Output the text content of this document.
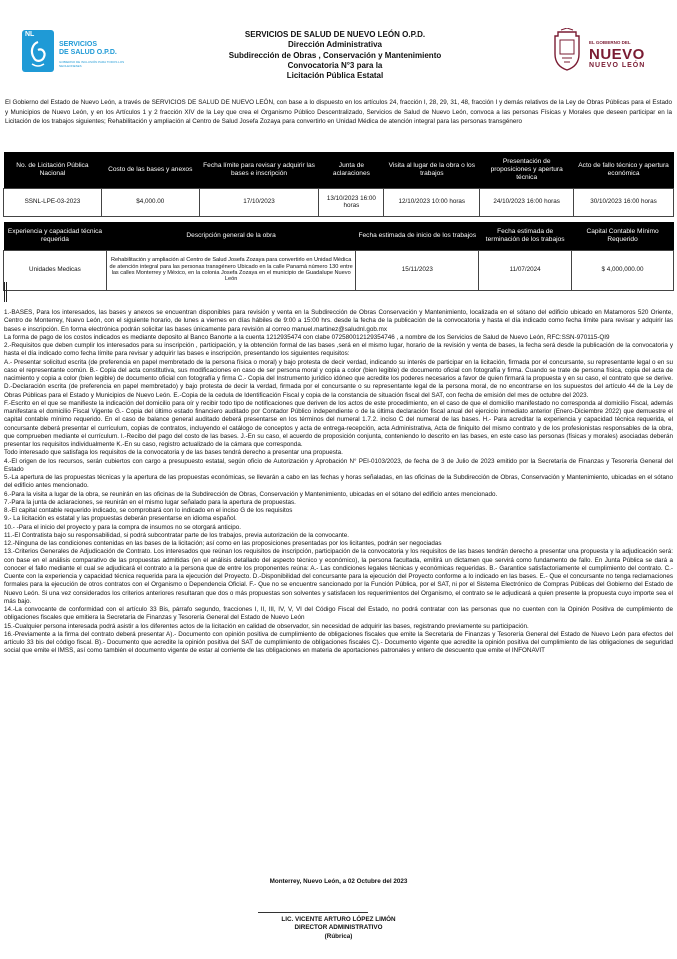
NL
SERVICIOS
DE SALUD O.P.D.
GOBIERNO DE INCLUSIÓN PARA TODOS LOS NEOLEONESES
SERVICIOS DE SALUD DE NUEVO LEÓN O.P.D.
Dirección Administrativa
Subdirección de Obras , Conservación y Mantenimiento
Convocatoria N°3 para la
Licitación Pública Estatal
EL GOBIERNO DEL
NUEVO
NUEVO LEÓN
El Gobierno del Estado de Nuevo León, a través de SERVICIOS DE SALUD DE NUEVO LEÓN, con base a lo dispuesto en los artículos 24, fracción I, 28, 29, 31, 48, fracción I y demás relativos de la Ley de Obras Públicas para el Estado y Municipios de Nuevo León, y en los Artículos 1 y 2 fracción XIV de la Ley que crea el Organismo Público Descentralizado, Servicios de Salud de Nuevo León, convoca a las personas Físicas y Morales que deseen participar en la Licitación de los trabajos siguientes; Rehabilitación y ampliación al Centro de Salud Josefa Zozaya para convertirlo en Unidad Médica de atención integral para las personas transgénero
No. de Licitación Pública Nacional	Costo de las bases y anexos	Fecha límite para revisar y adquirir las bases e inscripción	Junta de aclaraciones	Visita al lugar de la obra o los trabajos	Presentación de proposiciones y apertura técnica	Acto de fallo técnico y apertura económica
SSNL-LPE-03-2023	$4,000.00	17/10/2023	13/10/2023 16:00 horas	12/10/2023 10:00 horas	24/10/2023 16:00 horas	30/10/2023 16:00 horas
Experiencia y capacidad técnica requerida	Descripción general de la obra	Fecha estimada de inicio de los trabajos	Fecha estimada de terminación de los trabajos	Capital Contable Mínimo Requerido
Unidades Medicas	Rehabilitación y ampliación al Centro de Salud Josefa Zozaya para convertirlo en Unidad Médica de atención integral para las personas transgénero Ubicado en la calle Panamá número 130 entre las calles Monterrey y México, en la colonia Josefa Zozaya en el municipio de Guadalupe Nuevo León	15/11/2023	11/07/2024	$ 4,000,000.00

1.-BASES, Para los interesados, las bases y anexos se encuentran disponibles para revisión y venta en la Subdirección de Obras Conservación y Mantenimiento, localizada en el sótano del edificio ubicado en Matamoros 520 Oriente, Centro de Monterrey, Nuevo León, con el siguiente horario, de lunes a viernes en días hábiles de 9:00 a 15:00 hrs. desde la fecha de la publicación de la convocatoria y hasta el día indicado como fecha límite para revisar y adquirir las bases e inscripción. En forma electrónica podrán solicitar las bases únicamente para revisión al correo manuel.martinez@saludnl.gob.mx

La forma de pago de los costos indicados es mediante deposito al Banco Banorte a la cuenta 1212935474 con clabe 072580012129354746 , a nombre de los Servicios de Salud de Nuevo León, RFC:SSN-970115-QI9

2.-Requisitos que deben cumplir los interesados para su inscripción , participación, y la obtención formal de las bases ,será en el mismo lugar, horario de la revisión y venta de bases, la fecha será desde la publicación de la convocatoria y hasta el día indicado como fecha límite para revisar y adquirir las bases e inscripción, presentando los siguientes requisitos:

A.- Presentar solicitud escrita (de preferencia en papel membretado de la persona física o moral) y bajo protesta de decir verdad, indicando su interés de participar en la licitación, firmada por el concursante, su representante legal o en su caso el representante común. B.- Copia del acta constitutiva, sus modificaciones en caso de ser persona moral y copia a color (bien legible) de documento oficial con fotografía y firma. Cuando se trate de persona física, copia del acta de nacimiento y copia a color (bien legible) de documento oficial con fotografía y firma C.- Copia del Instrumento jurídico idóneo que acredite los poderes necesarios a favor de quien firmará la propuesta y en su caso, el contrato que se derive. D.-Declaración escrita (de preferencia en papel membretado) y bajo protesta de decir la verdad, firmada por el concursante o su representante legal de la persona moral, de no encontrarse en los supuestos del artículo 44 de la Ley de Obras Públicas para el Estado y Municipios de Nuevo León. E.-Copia de la cedula de Identificación Fiscal y copia de la constancia de situación fiscal del SAT, con fecha de emisión del mes de octubre del 2023.

F.-Escrito en el que se manifieste la indicación del domicilio para oír y recibir todo tipo de notificaciones que deriven de los actos de este procedimiento, en el caso de que el domicilio manifestado no corresponda al domicilio Fiscal, además manifestara el domicilio Fiscal Vigente G.- Copia del último estado financiero auditado por Contador Público independiente o de la última declaración fiscal anual del ejercicio inmediato anterior (Enero-Diciembre 2022) que demuestre el capital contable mínimo requerido. En el caso de balance general auditado deberá presentarse en los términos del numeral 1.7.2. inciso C del numeral de las bases. H.- Para acreditar la experiencia y capacidad técnica requerida, el concursante deberá presentar el currículum, copias de contratos, incluyendo el catálogo de conceptos y acta de entrega-recepción, acta Administrativa, Acta de finiquito del mismo contrato y de los profesionistas responsables de la obra, que comprueben mediante el currículum. I.-Recibo del pago del costo de las bases. J.-En su caso, el acuerdo de proposición conjunta, conteniendo lo descrito en las bases, en este caso las personas (físicas y morales) asociadas deberán presentar los requisitos individualmente K.-En su caso, registro actualizado de la cámara que corresponda.

Todo interesado que satisfaga los requisitos de la convocatoria y de las bases tendrá derecho a presentar una propuesta.

4.-El origen de los recursos, serán cubiertos con cargo a presupuesto estatal, según oficio de Autorización y Aprobación N° PEI-0103/2023, de fecha de 3 de Julio de 2023 emitido por la Secretaría de Finanzas y Tesorería General del Estado

5.-La apertura de las propuestas técnicas y la apertura de las propuestas económicas, se llevarán a cabo en las fechas y horas señaladas, en las oficinas de la Subdirección de Obras, Conservación y Mantenimiento, ubicadas en el sótano del edificio antes mencionado.

6.-Para la visita a lugar de la obra, se reunirán en las oficinas de la Subdirección de Obras, Conservación y Mantenimiento, ubicadas en el sótano del edificio antes mencionado.

7.-Para la junta de aclaraciones, se reunirán en el mismo lugar señalado para la apertura de propuestas.

8.-El capital contable requerido indicado, se comprobará con lo indicado en el inciso G de los requisitos

9.- La licitación es estatal y las propuestas deberán presentarse en idioma español.

10.- -Para el inicio del proyecto y para la compra de insumos no se otorgará anticipo.

11.-El Contratista bajo su responsabilidad, si podrá subcontratar parte de los trabajos, previa autorización de la convocante.

12.-Ninguna de las condiciones contenidas en las bases de la licitación; así como en las proposiciones presentadas por los licitantes, podrán ser negociadas

13.-Criterios Generales de Adjudicación de Contrato. Los interesados que reúnan los requisitos de inscripción, participación de la convocatoria y los requisitos de las bases tendrán derecho a presentar una propuesta y la adjudicación será: con base en el análisis comparativo de las propuestas admitidas (en el análisis detallado del aspecto técnico y económico), la persona facultada, emitirá un dictamen que servirá como fundamento de fallo. En Junta Pública se dará a conocer el fallo mediante el cual se adjudicará el contrato a la persona que de entre los proponentes reúna: A.- Las condiciones legales técnicas y económicas requeridas. B.- Garantice satisfactoriamente el cumplimiento del contrato. C.-Cuente con la experiencia y capacidad técnica requerida para la ejecución del Proyecto. D.-Disponibilidad del concursante para la ejecución del Proyecto conforme a lo indicado en las bases. E.- Que el concursante no tenga reclamaciones formales para la ejecución de otros contratos con el Organismo o Dependencia Oficial. F.- Que no se encuentre sancionado por la Función Pública, por el SAT, ni por el Sistema Electrónico de Compras Públicas del Gobierno del Estado de Nuevo León. Si una vez considerados los criterios anteriores resultaran que dos o más propuestas son solventes y satisfacen los requerimientos del Organismo, el contrato se le adjudicará a quien presente la propuesta cuyo importe sea el más bajo.

14.-La convocante de conformidad con el artículo 33 Bis, párrafo segundo, fracciones I, II, III, IV, V, VI del Código Fiscal del Estado, no podrá contratar con las personas que no cuenten con la Opinión Positiva de cumplimiento de obligaciones fiscales que emitiera la Secretaría de Finanzas y Tesorería General del Estado de Nuevo León

15.-Cualquier persona interesada podrá asistir a los diferentes actos de la licitación en calidad de observador, sin necesidad de adquirir las bases, registrando previamente su participación.

16.-Previamente a la firma del contrato deberá presentar A).- Documento con opinión positiva de cumplimiento de obligaciones fiscales que emite la Secretaria de Finanzas y Tesorería General del Estado de Nuevo León para efectos del artículo 33 bis del código fiscal. B).- Documento que acredite la opinión positiva del SAT de cumplimiento de obligaciones fiscales C).- Documento vigente que acredite la opinión positiva del cumplimiento de las obligaciones de seguridad social que emite el IMSS, así como también el documento vigente de estar al corriente de las obligaciones en materia de aportaciones patronales y entero de descuento que emite el INFONAVIT

Monterrey, Nuevo León, a 02 Octubre del 2023
LIC. VICENTE ARTURO LÓPEZ LIMÓN
DIRECTOR ADMINISTRATIVO
(Rúbrica)
